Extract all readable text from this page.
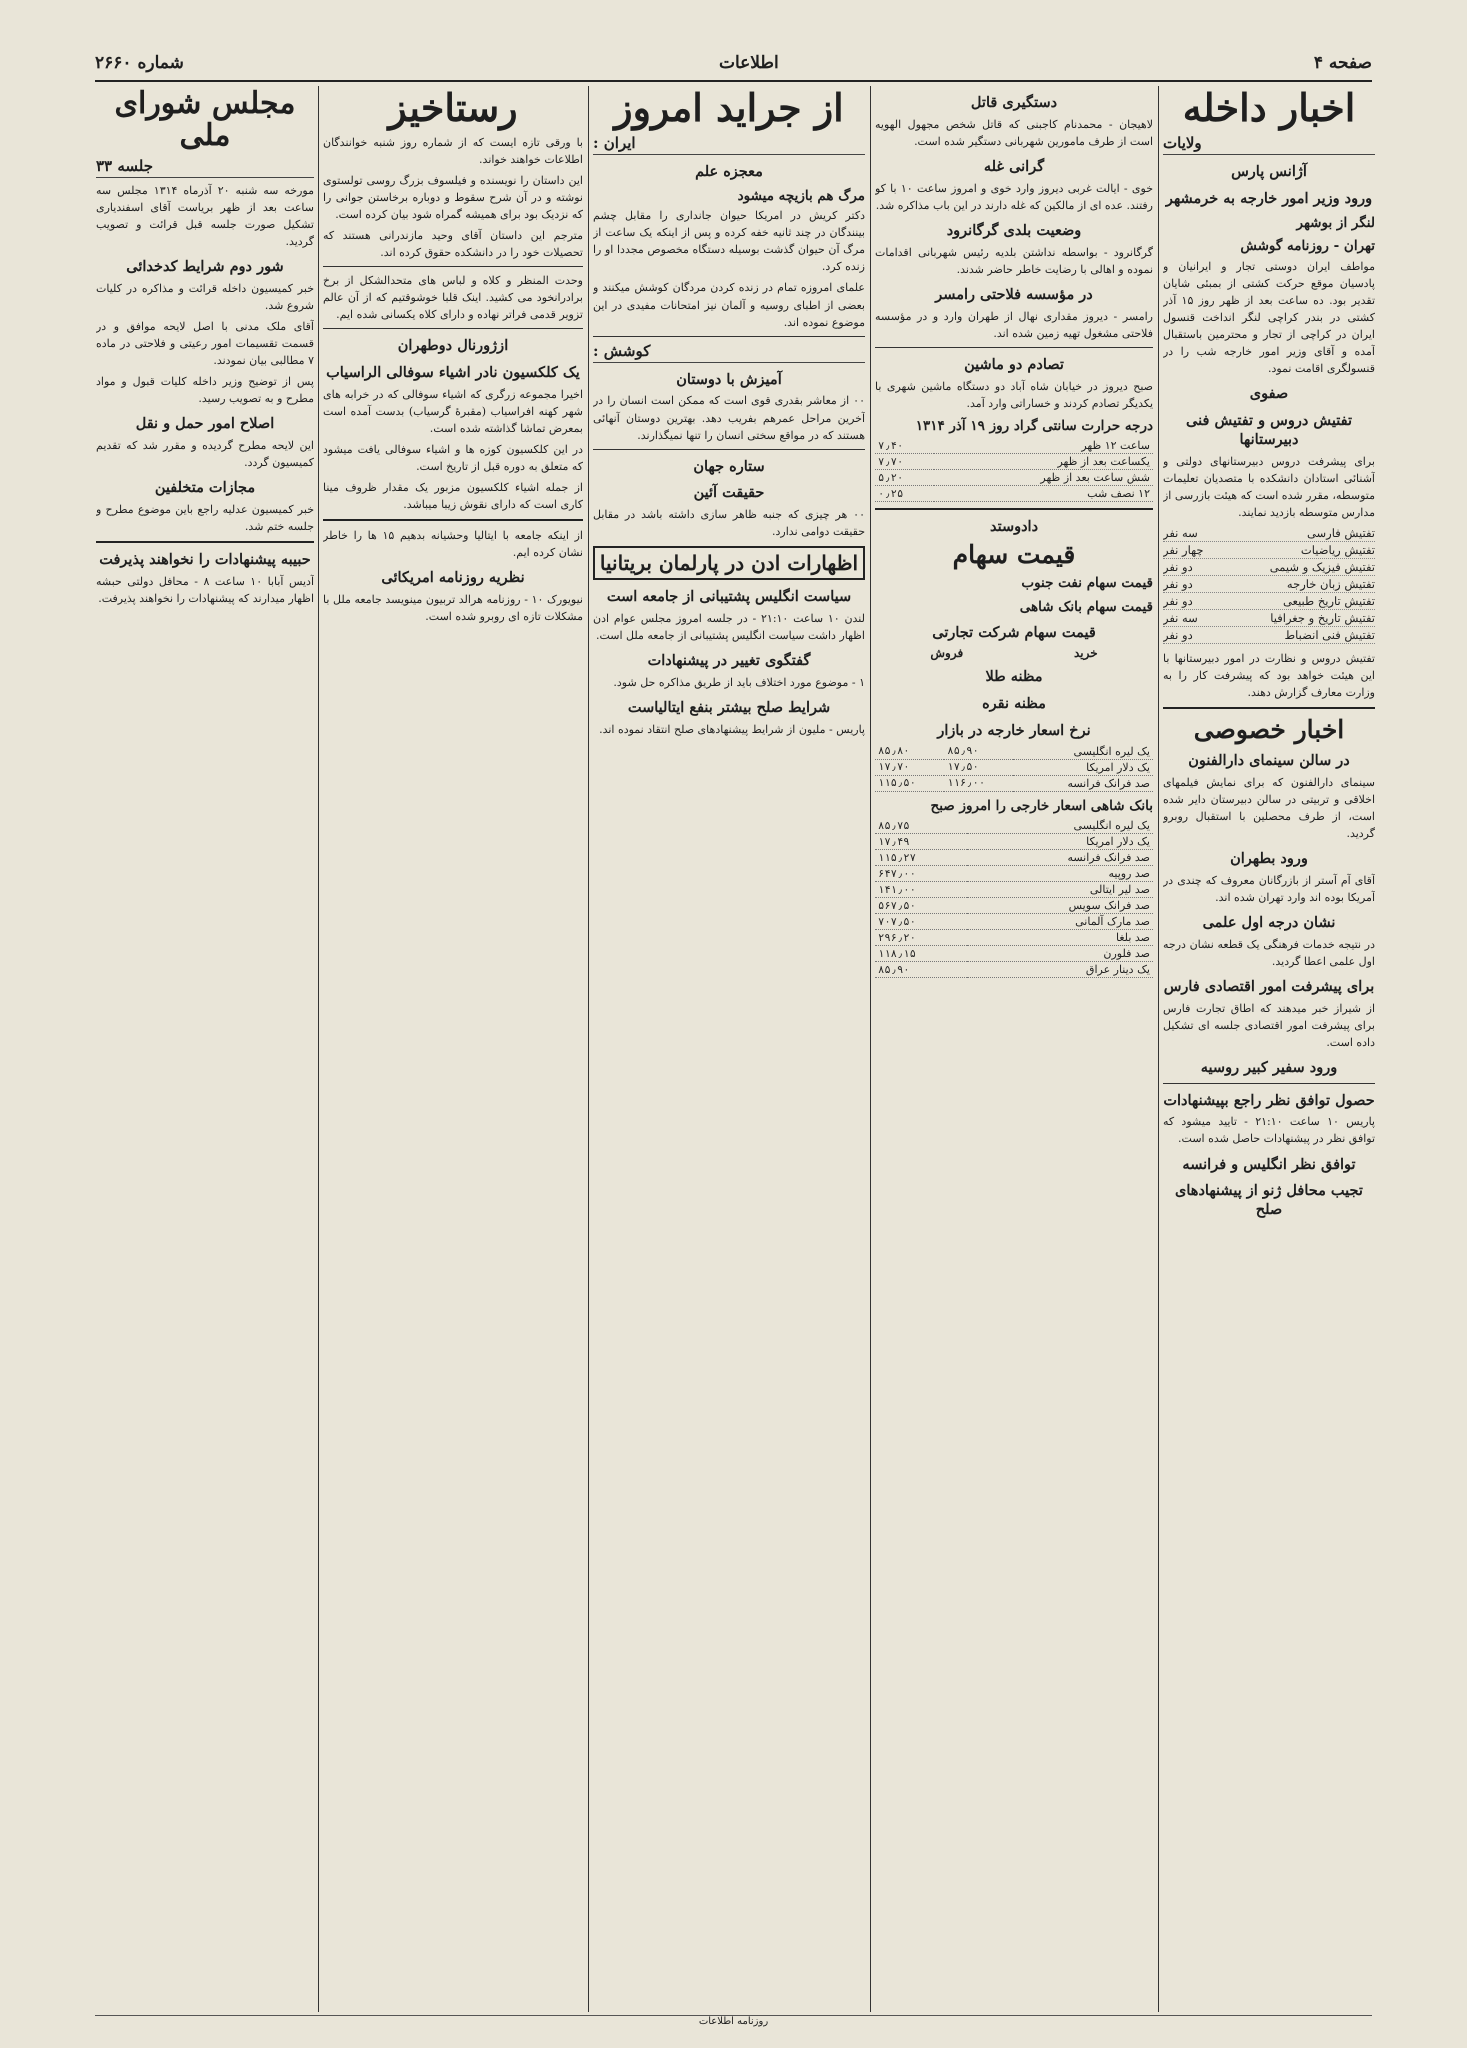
صفحه ۴
اطلاعات
شماره ۲۶۶۰
اخبار داخله
ولایات
آژانس پارس
ورود وزیر امور خارجه به خرمشهر
لنگر از بوشهر
تهران - روزنامه گوشش

مواطف ایران دوستی تجار و ایرانیان و پادسیان موقع حرکت کشتی از بمبئی شایان تقدیر بود. ده ساعت بعد از ظهر روز ۱۵ آذر کشتی در بندر کراچی لنگر انداخت قنسول ایران در کراچی از تجار و محترمین باستقبال آمده و آقای وزیر امور خارجه شب را در قنسولگری اقامت نمود.

صفوی
تفتیش دروس و تفتیش فنی دبیرستانها

برای پیشرفت دروس دبیرستانهای دولتی و آشنائی استادان دانشکده با متصدیان تعلیمات متوسطه، مقرر شده است که هیئت بازرسی از مدارس متوسطه بازدید نمایند.

تفتیش فارسی
سه نفر
تفتیش ریاضیات
چهار نفر
تفتیش فیزیک و شیمی
دو نفر
تفتیش زبان خارجه
دو نفر
تفتیش تاریخ طبیعی
دو نفر
تفتیش تاریخ و جغرافیا
سه نفر
تفتیش فنی انضباط
دو نفر

تفتیش دروس و نظارت در امور دبیرستانها با این هیئت خواهد بود که پیشرفت کار را به وزارت معارف گزارش دهند.

اخبار خصوصی
در سالن سینمای دارالفنون

سینمای دارالفنون که برای نمایش فیلمهای اخلاقی و تربیتی در سالن دبیرستان دایر شده است، از طرف محصلین با استقبال روبرو گردید.

ورود بطهران

آقای آم آستر از بازرگانان معروف که چندی در آمریکا بوده اند وارد تهران شده اند.

نشان درجه اول علمی

در نتیجه خدمات فرهنگی یک قطعه نشان درجه اول علمی اعطا گردید.

برای پیشرفت امور اقتصادی فارس

از شیراز خبر میدهند که اطاق تجارت فارس برای پیشرفت امور اقتصادی جلسه ای تشکیل داده است.

ورود سفیر کبیر روسیه
حصول توافق نظر راجع بپیشنهادات

پاریس ۱۰ ساعت ۲۱:۱۰ - تایید میشود که توافق نظر در پیشنهادات حاصل شده است.

توافق نظر انگلیس و فرانسه
تجیب محافل ژنو از پیشنهادهای صلح
دستگیری قاتل

لاهیجان - محمدنام کاجبنی که قاتل شخص مجهول الهویه است از طرف مامورین شهربانی دستگیر شده است.

گرانی غله

خوی - ایالت غربی دیروز وارد خوی و امروز ساعت ۱۰ با کو رفتند. عده ای از مالکین که غله دارند در این باب مذاکره شد.

وضعیت بلدی گرگانرود

گرگانرود - بواسطه نداشتن بلدیه رئیس شهربانی اقدامات نموده و اهالی با رضایت خاطر حاضر شدند.

در مؤسسه فلاحتی رامسر

رامسر - دیروز مقداری نهال از طهران وارد و در مؤسسه فلاحتی مشغول تهیه زمین شده اند.

تصادم دو ماشین

صبح دیروز در خیابان شاه آباد دو دستگاه ماشین شهری با یکدیگر تصادم کردند و خساراتی وارد آمد.

درجه حرارت سانتی گراد روز ۱۹ آذر ۱۳۱۴
ساعت ۱۲ ظهر	۷٫۴۰
یکساعت بعد از ظهر	۷٫۷۰
شش ساعت بعد از ظهر	۵٫۲۰
۱۲ نصف شب	۰٫۲۵
دادوستد
قیمت سهام
قیمت سهام نفت جنوب
قیمت سهام بانک شاهی
قیمت سهام شرکت تجارتی
خرید
فروش
مظنه طلا
مظنه نقره
نرخ اسعار خارجه در بازار
یک لیره انگلیسی	۸۵٫۹۰	۸۵٫۸۰
یک دلار امریکا	۱۷٫۵۰	۱۷٫۷۰
صد فرانک فرانسه	۱۱۶٫۰۰	۱۱۵٫۵۰
بانک شاهی اسعار خارجی را امروز صبح
یک لیره انگلیسی	۸۵٫۷۵
یک دلار امریکا	۱۷٫۴۹
صد فرانک فرانسه	۱۱۵٫۲۷
صد روپیه	۶۴۷٫۰۰
صد لیر ایتالی	۱۴۱٫۰۰
صد فرانک سویس	۵۶۷٫۵۰
صد مارک آلمانی	۷۰۷٫۵۰
صد بلغا	۲۹۶٫۲۰
صد فلورن	۱۱۸٫۱۵
یک دینار عراق	۸۵٫۹۰
از جراید امروز
ایران :
معجزه علم
مرگ هم بازیچه میشود

دکتر کریش در امریکا حیوان جانداری را مقابل چشم بینندگان در چند ثانیه خفه کرده و پس از اینکه یک ساعت از مرگ آن حیوان گذشت بوسیله دستگاه مخصوص مجددا او را زنده کرد.

علمای امروزه تمام در زنده کردن مردگان کوشش میکنند و بعضی از اطبای روسیه و آلمان نیز امتحانات مفیدی در این موضوع نموده اند.

کوشش :
آمیزش با دوستان

۰۰ از معاشر بقدری قوی است که ممکن است انسان را در آخرین مراحل عمرهم بفریب دهد. بهترین دوستان آنهائی هستند که در مواقع سختی انسان را تنها نمیگذارند.

ستاره جهان
حقیقت آئین

۰۰ هر چیزی که جنبه ظاهر سازی داشته باشد در مقابل حقیقت دوامی ندارد.

اظهارات ادن در پارلمان بریتانیا
سیاست انگلیس پشتیبانی از جامعه است

لندن ۱۰ ساعت ۲۱:۱۰ - در جلسه امروز مجلس عوام ادن اظهار داشت سیاست انگلیس پشتیبانی از جامعه ملل است.

گفتگوی تغییر در پیشنهادات

۱ - موضوع مورد اختلاف باید از طریق مذاکره حل شود.

شرایط صلح بیشتر بنفع ایتالیاست

پاریس - ملیون از شرایط پیشنهادهای صلح انتقاد نموده اند.

رستاخیز

با ورقی تازه ایست که از شماره روز شنبه خوانندگان اطلاعات خواهند خواند.

این داستان را نویسنده و فیلسوف بزرگ روسی تولستوی نوشته و در آن شرح سقوط و دوباره برخاستن جوانی را که نزدیک بود برای همیشه گمراه شود بیان کرده است.

مترجم این داستان آقای وحید مازندرانی هستند که تحصیلات خود را در دانشکده حقوق کرده اند.

وحدت المنظر و کلاه و لباس های متحدالشکل از برخ برادرانخود می کشید. اینک قلبا خوشوقتیم که از آن عالم تزویر قدمی فراتر نهاده و دارای کلاه یکسانی شده ایم.

ازژورنال دوطهران
یک کلکسیون نادر اشیاء سوفالی الراسیاب

اخیرا مجموعه زرگری که اشیاء سوفالی که در خرابه های شهر کهنه افراسیاب (مقبرهٔ گرسیاب) بدست آمده است بمعرض تماشا گذاشته شده است.

در این کلکسیون کوزه ها و اشیاء سوفالی یافت میشود که متعلق به دوره قبل از تاریخ است.

از جمله اشیاء کلکسیون مزبور یک مقدار ظروف مینا کاری است که دارای نقوش زیبا میباشد.

از اینکه جامعه با ایتالیا وحشیانه بدهیم ۱۵ ها را خاطر نشان کرده ایم.

نظریه روزنامه امریکائی

نیویورک ۱۰ - روزنامه هرالد تربیون مینویسد جامعه ملل با مشکلات تازه ای روبرو شده است.

مجلس شورای ملی
جلسه ۳۳

مورخه سه شنبه ۲۰ آذرماه ۱۳۱۴ مجلس سه ساعت بعد از ظهر بریاست آقای اسفندیاری تشکیل صورت جلسه قبل قرائت و تصویب گردید.

شور دوم شرایط کدخدائی

خبر کمیسیون داخله قرائت و مذاکره در کلیات شروع شد.

آقای ملک مدنی با اصل لایحه موافق و در قسمت تقسیمات امور رعیتی و فلاحتی در ماده ۷ مطالبی بیان نمودند.

پس از توضیح وزیر داخله کلیات قبول و مواد مطرح و به تصویب رسید.

اصلاح امور حمل و نقل

این لایحه مطرح گردیده و مقرر شد که تقدیم کمیسیون گردد.

مجازات متخلفین

خبر کمیسیون عدلیه راجع باین موضوع مطرح و جلسه ختم شد.

حبیبه پیشنهادات را نخواهند پذیرفت

آدیس آبابا ۱۰ ساعت ۸ - محافل دولتی حبشه اظهار میدارند که پیشنهادات را نخواهند پذیرفت.

روزنامه اطلاعات
